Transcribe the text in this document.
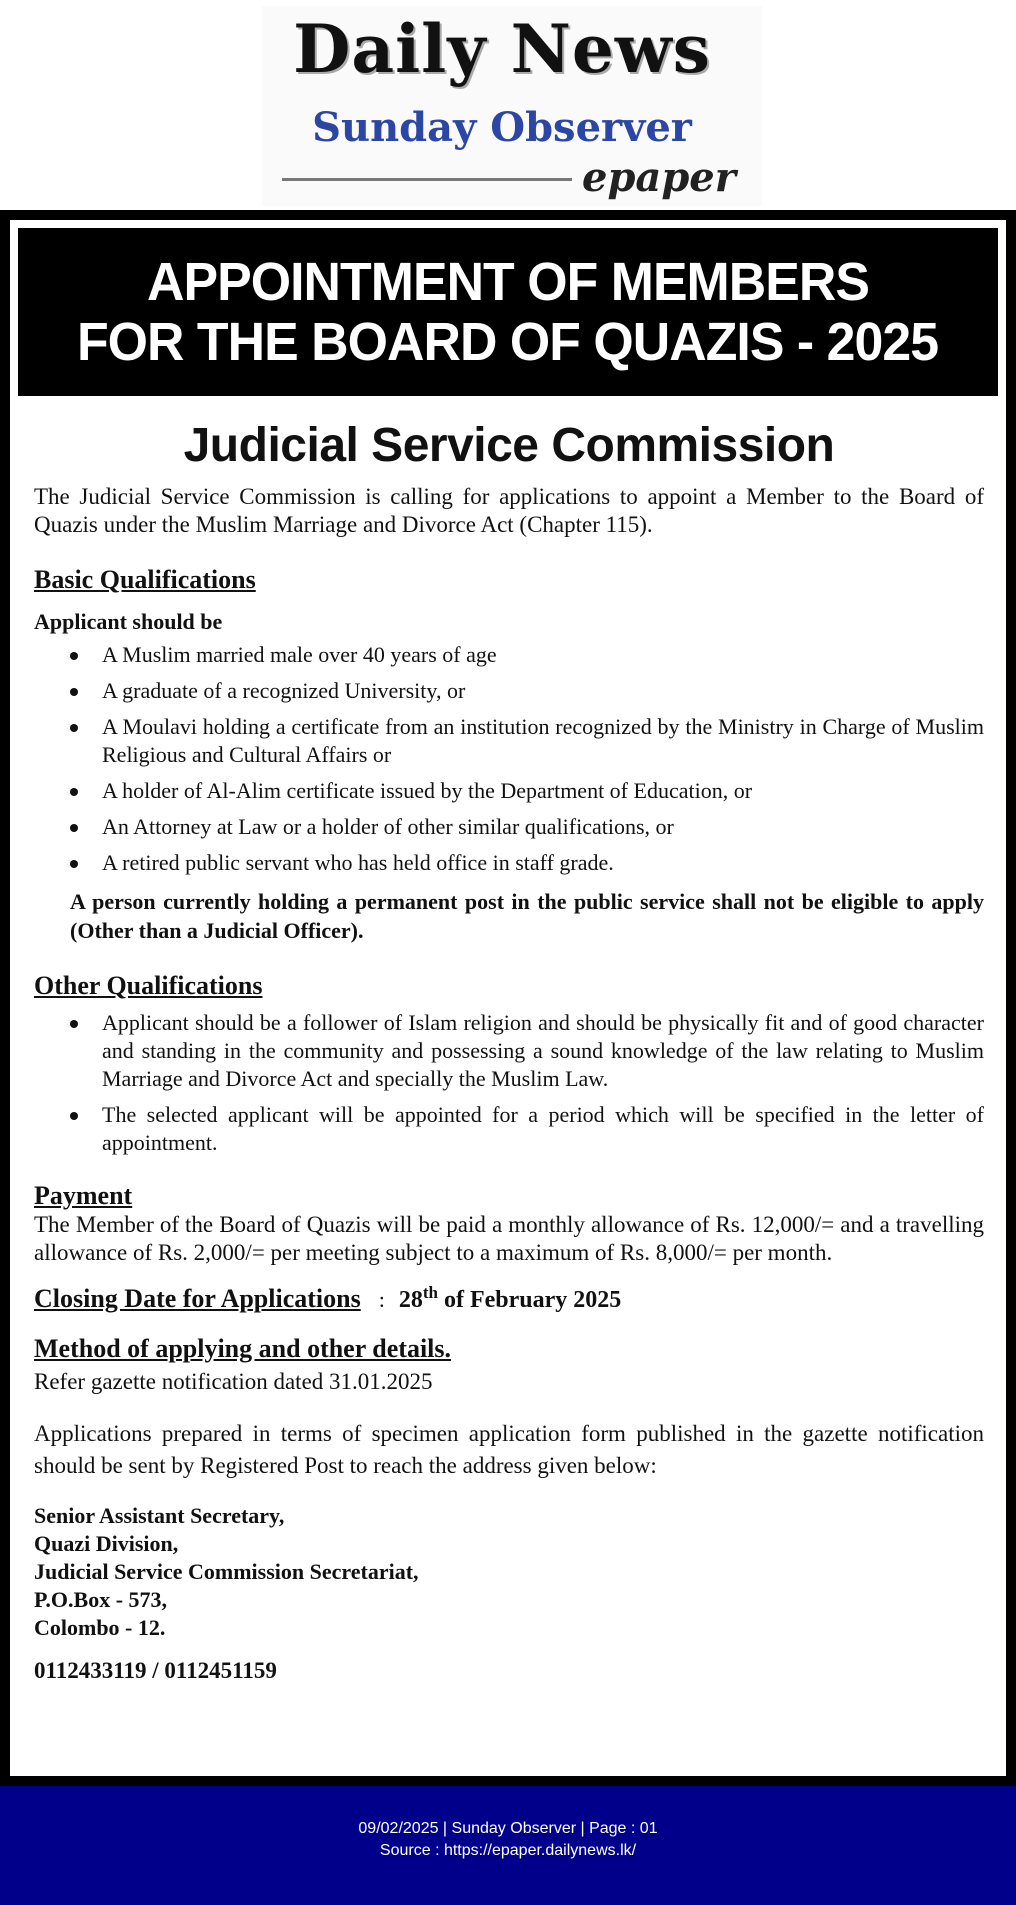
Daily News
Sunday Observer
epaper
APPOINTMENT OF MEMBERS
FOR THE BOARD OF QUAZIS - 2025
Judicial Service Commission

The Judicial Service Commission is calling for applications to appoint a Member to the Board of Quazis under the Muslim Marriage and Divorce Act (Chapter 115).

Basic Qualifications

Applicant should be

A Muslim married male over 40 years of age
A graduate of a recognized University, or
A Moulavi holding a certificate from an institution recognized by the Ministry in Charge of Muslim Religious and Cultural Affairs or
A holder of Al-Alim certificate issued by the Department of Education, or
An Attorney at Law or a holder of other similar qualifications, or
A retired public servant who has held office in staff grade.

A person currently holding a permanent post in the public service shall not be eligible to apply (Other than a Judicial Officer).

Other Qualifications
Applicant should be a follower of Islam religion and should be physically fit and of good character and standing in the community and possessing a sound knowledge of the law relating to Muslim Marriage and Divorce Act and specially the Muslim Law.
The selected applicant will be appointed for a period which will be specified in the letter of appointment.
Payment

The Member of the Board of Quazis will be paid a monthly allowance of Rs. 12,000/= and a travelling allowance of Rs. 2,000/= per meeting subject to a maximum of Rs. 8,000/= per month.

Closing Date for Applications : 28th of February 2025
Method of applying and other details.

Refer gazette notification dated 31.01.2025

Applications prepared in terms of specimen application form published in the gazette notification should be sent by Registered Post to reach the address given below:

Senior Assistant Secretary,

Quazi Division,

Judicial Service Commission Secretariat,

P.O.Box - 573,

Colombo - 12.

0112433119 / 0112451159

09/02/2025 | Sunday Observer | Page : 01
Source : https://epaper.dailynews.lk/
